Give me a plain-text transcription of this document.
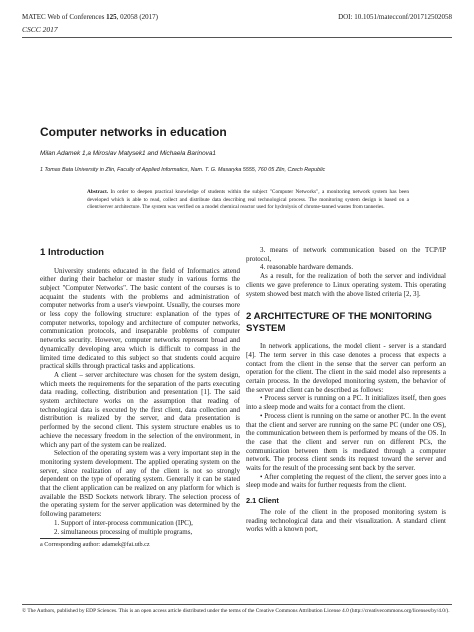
MATEC Web of Conferences 125, 02058 (2017)	DOI: 10.1051/matecconf/201712502058
CSCC 2017
Computer networks in education
Milan Adamek 1,a Miroslav Matysek1 and Michaela Barinova1
1 Tomas Bata University in Zlin, Faculty of Applied Informatics, Nam. T. G. Masaryka 5555, 760 05 Zlin, Czech Republic
Abstract. In order to deepen practical knowledge of students within the subject "Computer Networks", a monitoring network system has been developed which is able to read, collect and distribute data describing real technological process. The monitoring system design is based on a client/server architecture. The system was verified on a model chemical reactor used for hydrolysis of chrome-tanned wastes from tanneries.
1 Introduction

University students educated in the field of Informatics attend either during their bachelor or master study in various forms the subject "Computer Networks". The basic content of the courses is to acquaint the students with the problems and administration of computer networks from a user's viewpoint. Usually, the courses more or less copy the following structure: explanation of the types of computer networks, topology and architecture of computer networks, communication protocols, and inseparable problems of computer networks security. However, computer networks represent broad and dynamically developing area which is difficult to compass in the limited time dedicated to this subject so that students could acquire practical skills through practical tasks and applications.

A client – server architecture was chosen for the system design, which meets the requirements for the separation of the parts executing data reading, collecting, distribution and presentation [1]. The said system architecture works on the assumption that reading of technological data is executed by the first client, data collection and distribution is realized by the server, and data presentation is performed by the second client. This system structure enables us to achieve the necessary freedom in the selection of the environment, in which any part of the system can be realized.

Selection of the operating system was a very important step in the monitoring system development. The applied operating system on the server, since realization of any of the client is not so strongly dependent on the type of operating system. Generally it can be stated that the client application can be realized on any platform for which is available the BSD Sockets network library. The selection process of the operating system for the server application was determined by the following parameters:

1. Support of inter-process communication (IPC),

2. simultaneous processing of multiple programs,

a Corresponding author: adamek@fai.utb.cz

3. means of network communication based on the TCP/IP protocol,

4. reasonable hardware demands.

As a result, for the realization of both the server and individual clients we gave preference to Linux operating system. This operating system showed best match with the above listed criteria [2, 3].

2 ARCHITECTURE OF THE MONITORING SYSTEM

In network applications, the model client - server is a standard [4]. The term server in this case denotes a process that expects a contact from the client in the sense that the server can perform an operation for the client. The client in the said model also represents a certain process. In the developed monitoring system, the behavior of the server and client can be described as follows:

• Process server is running on a PC. It initializes itself, then goes into a sleep mode and waits for a contact from the client.

• Process client is running on the same or another PC. In the event that the client and server are running on the same PC (under one OS), the communication between them is performed by means of the OS. In the case that the client and server run on different PCs, the communication between them is mediated through a computer network. The process client sends its request toward the server and waits for the result of the processing sent back by the server.

• After completing the request of the client, the server goes into a sleep mode and waits for further requests from the client.

2.1 Client

The role of the client in the proposed monitoring system is reading technological data and their visualization. A standard client works with a known port,

© The Authors, published by EDP Sciences. This is an open access article distributed under the terms of the Creative Commons Attribution License 4.0 (http://creativecommons.org/licenses/by/4.0/).
